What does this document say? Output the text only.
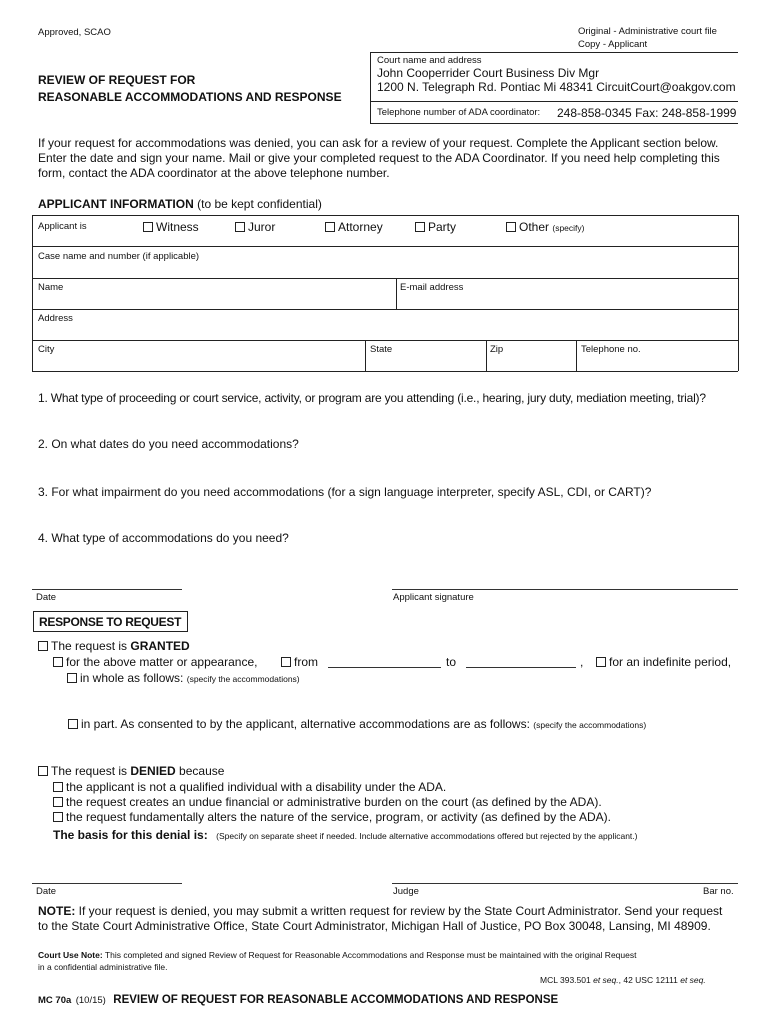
Approved, SCAO	Original - Administrative court file
Copy - Applicant
REVIEW OF REQUEST FOR
REASONABLE ACCOMMODATIONS AND RESPONSE
Court name and address
John Cooperrider Court Business Div Mgr
1200 N. Telegraph Rd. Pontiac Mi 48341 CircuitCourt@oakgov.com
Telephone number of ADA coordinator: 248-858-0345 Fax: 248-858-1999
If your request for accommodations was denied, you can ask for a review of your request. Complete the Applicant section below.
Enter the date and sign your name. Mail or give your completed request to the ADA Coordinator. If you need help completing this
form, contact the ADA coordinator at the above telephone number.
APPLICANT INFORMATION (to be kept confidential)
Applicant is	Witness	Juror	Attorney	Party	Other (specify)
Case name and number (if applicable)
Name	E-mail address
Address
City	State	Zip	Telephone no.
1. What type of proceeding or court service, activity, or program are you attending (i.e., hearing, jury duty, mediation meeting, trial)?
2. On what dates do you need accommodations?
3. For what impairment do you need accommodations (for a sign language interpreter, specify ASL, CDI, or CART)?
4. What type of accommodations do you need?
Date	Applicant signature
RESPONSE TO REQUEST
The request is GRANTED
for the above matter or appearance,	from	to	,	for an indefinite period,
in whole as follows: (specify the accommodations)
in part. As consented to by the applicant, alternative accommodations are as follows: (specify the accommodations)
The request is DENIED because
the applicant is not a qualified individual with a disability under the ADA.
the request creates an undue financial or administrative burden on the court (as defined by the ADA).
the request fundamentally alters the nature of the service, program, or activity (as defined by the ADA).
The basis for this denial is: (Specify on separate sheet if needed. Include alternative accommodations offered but rejected by the applicant.)
Date	Judge	Bar no.
NOTE: If your request is denied, you may submit a written request for review by the State Court Administrator. Send your request
to the State Court Administrative Office, State Court Administrator, Michigan Hall of Justice, PO Box 30048, Lansing, MI 48909.
Court Use Note: This completed and signed Review of Request for Reasonable Accommodations and Response must be maintained with the original Request
in a confidential administrative file.
MCL 393.501 et seq., 42 USC 12111 et seq.
MC 70a (10/15) REVIEW OF REQUEST FOR REASONABLE ACCOMMODATIONS AND RESPONSE
